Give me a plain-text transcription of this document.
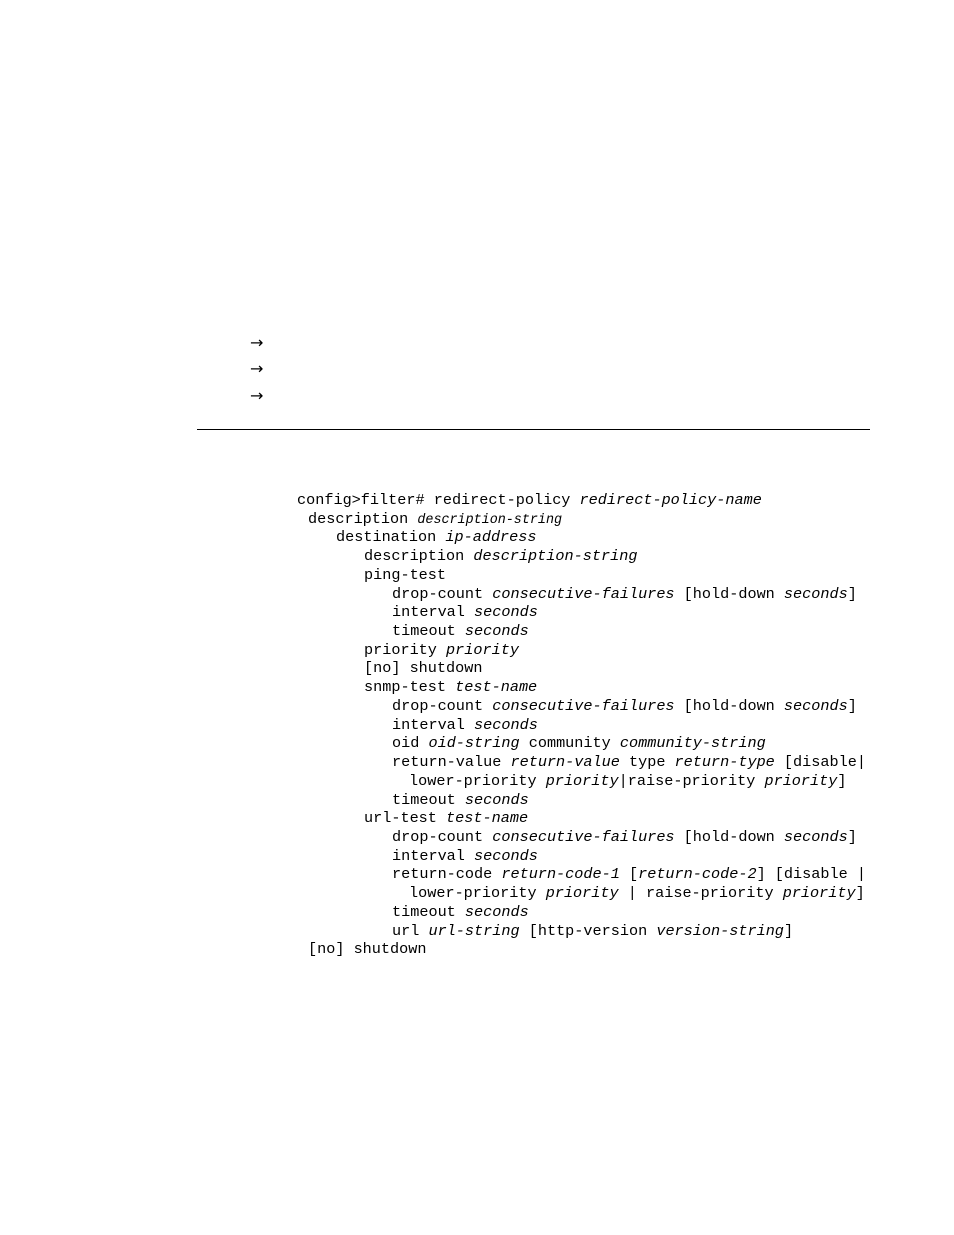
→
→
→
config>filter# redirect-policy redirect-policy-name
description description-string
destination ip-address
description description-string
ping-test
drop-count consecutive-failures [hold-down seconds]
interval seconds
timeout seconds
priority priority
[no] shutdown
snmp-test test-name
drop-count consecutive-failures [hold-down seconds]
interval seconds
oid oid-string community community-string
return-value return-value type return-type [disable|
lower-priority priority|raise-priority priority]
timeout seconds
url-test test-name
drop-count consecutive-failures [hold-down seconds]
interval seconds
return-code return-code-1 [return-code-2] [disable |
lower-priority priority | raise-priority priority]
timeout seconds
url url-string [http-version version-string]
[no] shutdown
